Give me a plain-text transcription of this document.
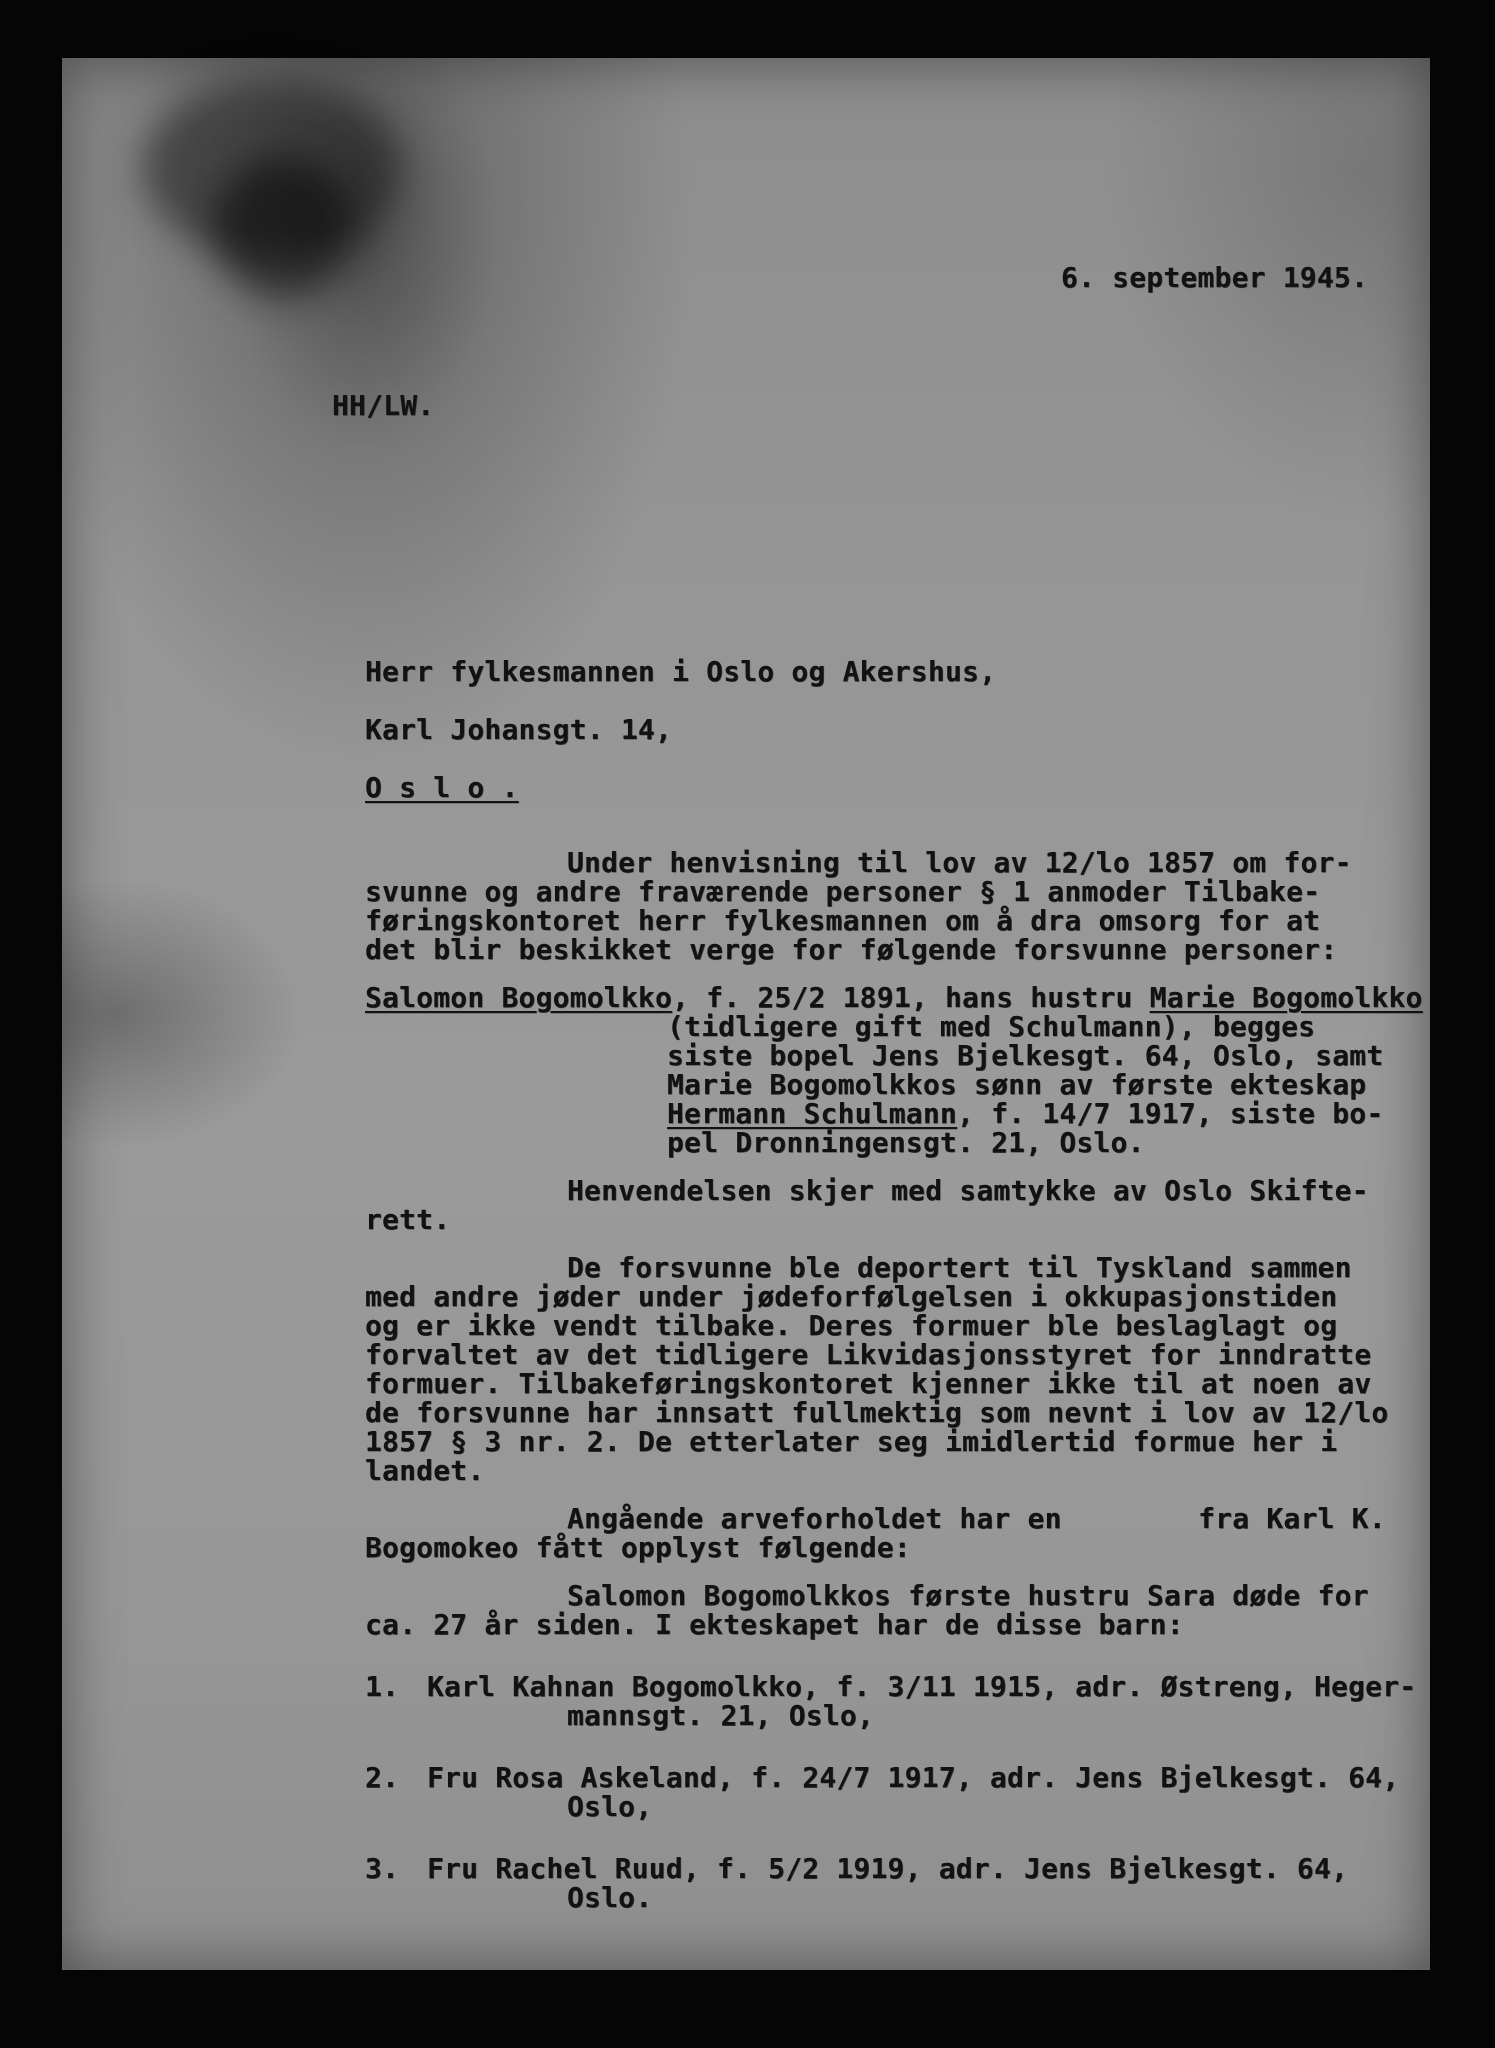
6. september 1945.
HH/LW.
Herr fylkesmannen i Oslo og Akershus,
Karl Johansgt. 14,
O s l o .
Under henvisning til lov av 12/lo 1857 om for-
svunne og andre fraværende personer § 1 anmoder Tilbake-
føringskontoret herr fylkesmannen om å dra omsorg for at
det blir beskikket verge for følgende forsvunne personer:
Salomon Bogomolkko, f. 25/2 1891, hans hustru Marie Bogomolkko
(tidligere gift med Schulmann), begges
siste bopel Jens Bjelkesgt. 64, Oslo, samt
Marie Bogomolkkos sønn av første ekteskap
Hermann Schulmann, f. 14/7 1917, siste bo-
pel Dronningensgt. 21, Oslo.
Henvendelsen skjer med samtykke av Oslo Skifte-
rett.
De forsvunne ble deportert til Tyskland sammen
med andre jøder under jødeforfølgelsen i okkupasjonstiden
og er ikke vendt tilbake. Deres formuer ble beslaglagt og
forvaltet av det tidligere Likvidasjonsstyret for inndratte
formuer. Tilbakeføringskontoret kjenner ikke til at noen av
de forsvunne har innsatt fullmektig som nevnt i lov av 12/lo
1857 § 3 nr. 2. De etterlater seg imidlertid formue her i
landet.
Angående arveforholdet har en        fra Karl K.
Bogomokeo fått opplyst følgende:
Salomon Bogomolkkos første hustru Sara døde for
ca. 27 år siden. I ekteskapet har de disse barn:
1. Karl Kahnan Bogomolkko, f. 3/11 1915, adr. Østreng, Heger-
mannsgt. 21, Oslo,
2. Fru Rosa Askeland, f. 24/7 1917, adr. Jens Bjelkesgt. 64,
Oslo,
3. Fru Rachel Ruud, f. 5/2 1919, adr. Jens Bjelkesgt. 64,
Oslo.
